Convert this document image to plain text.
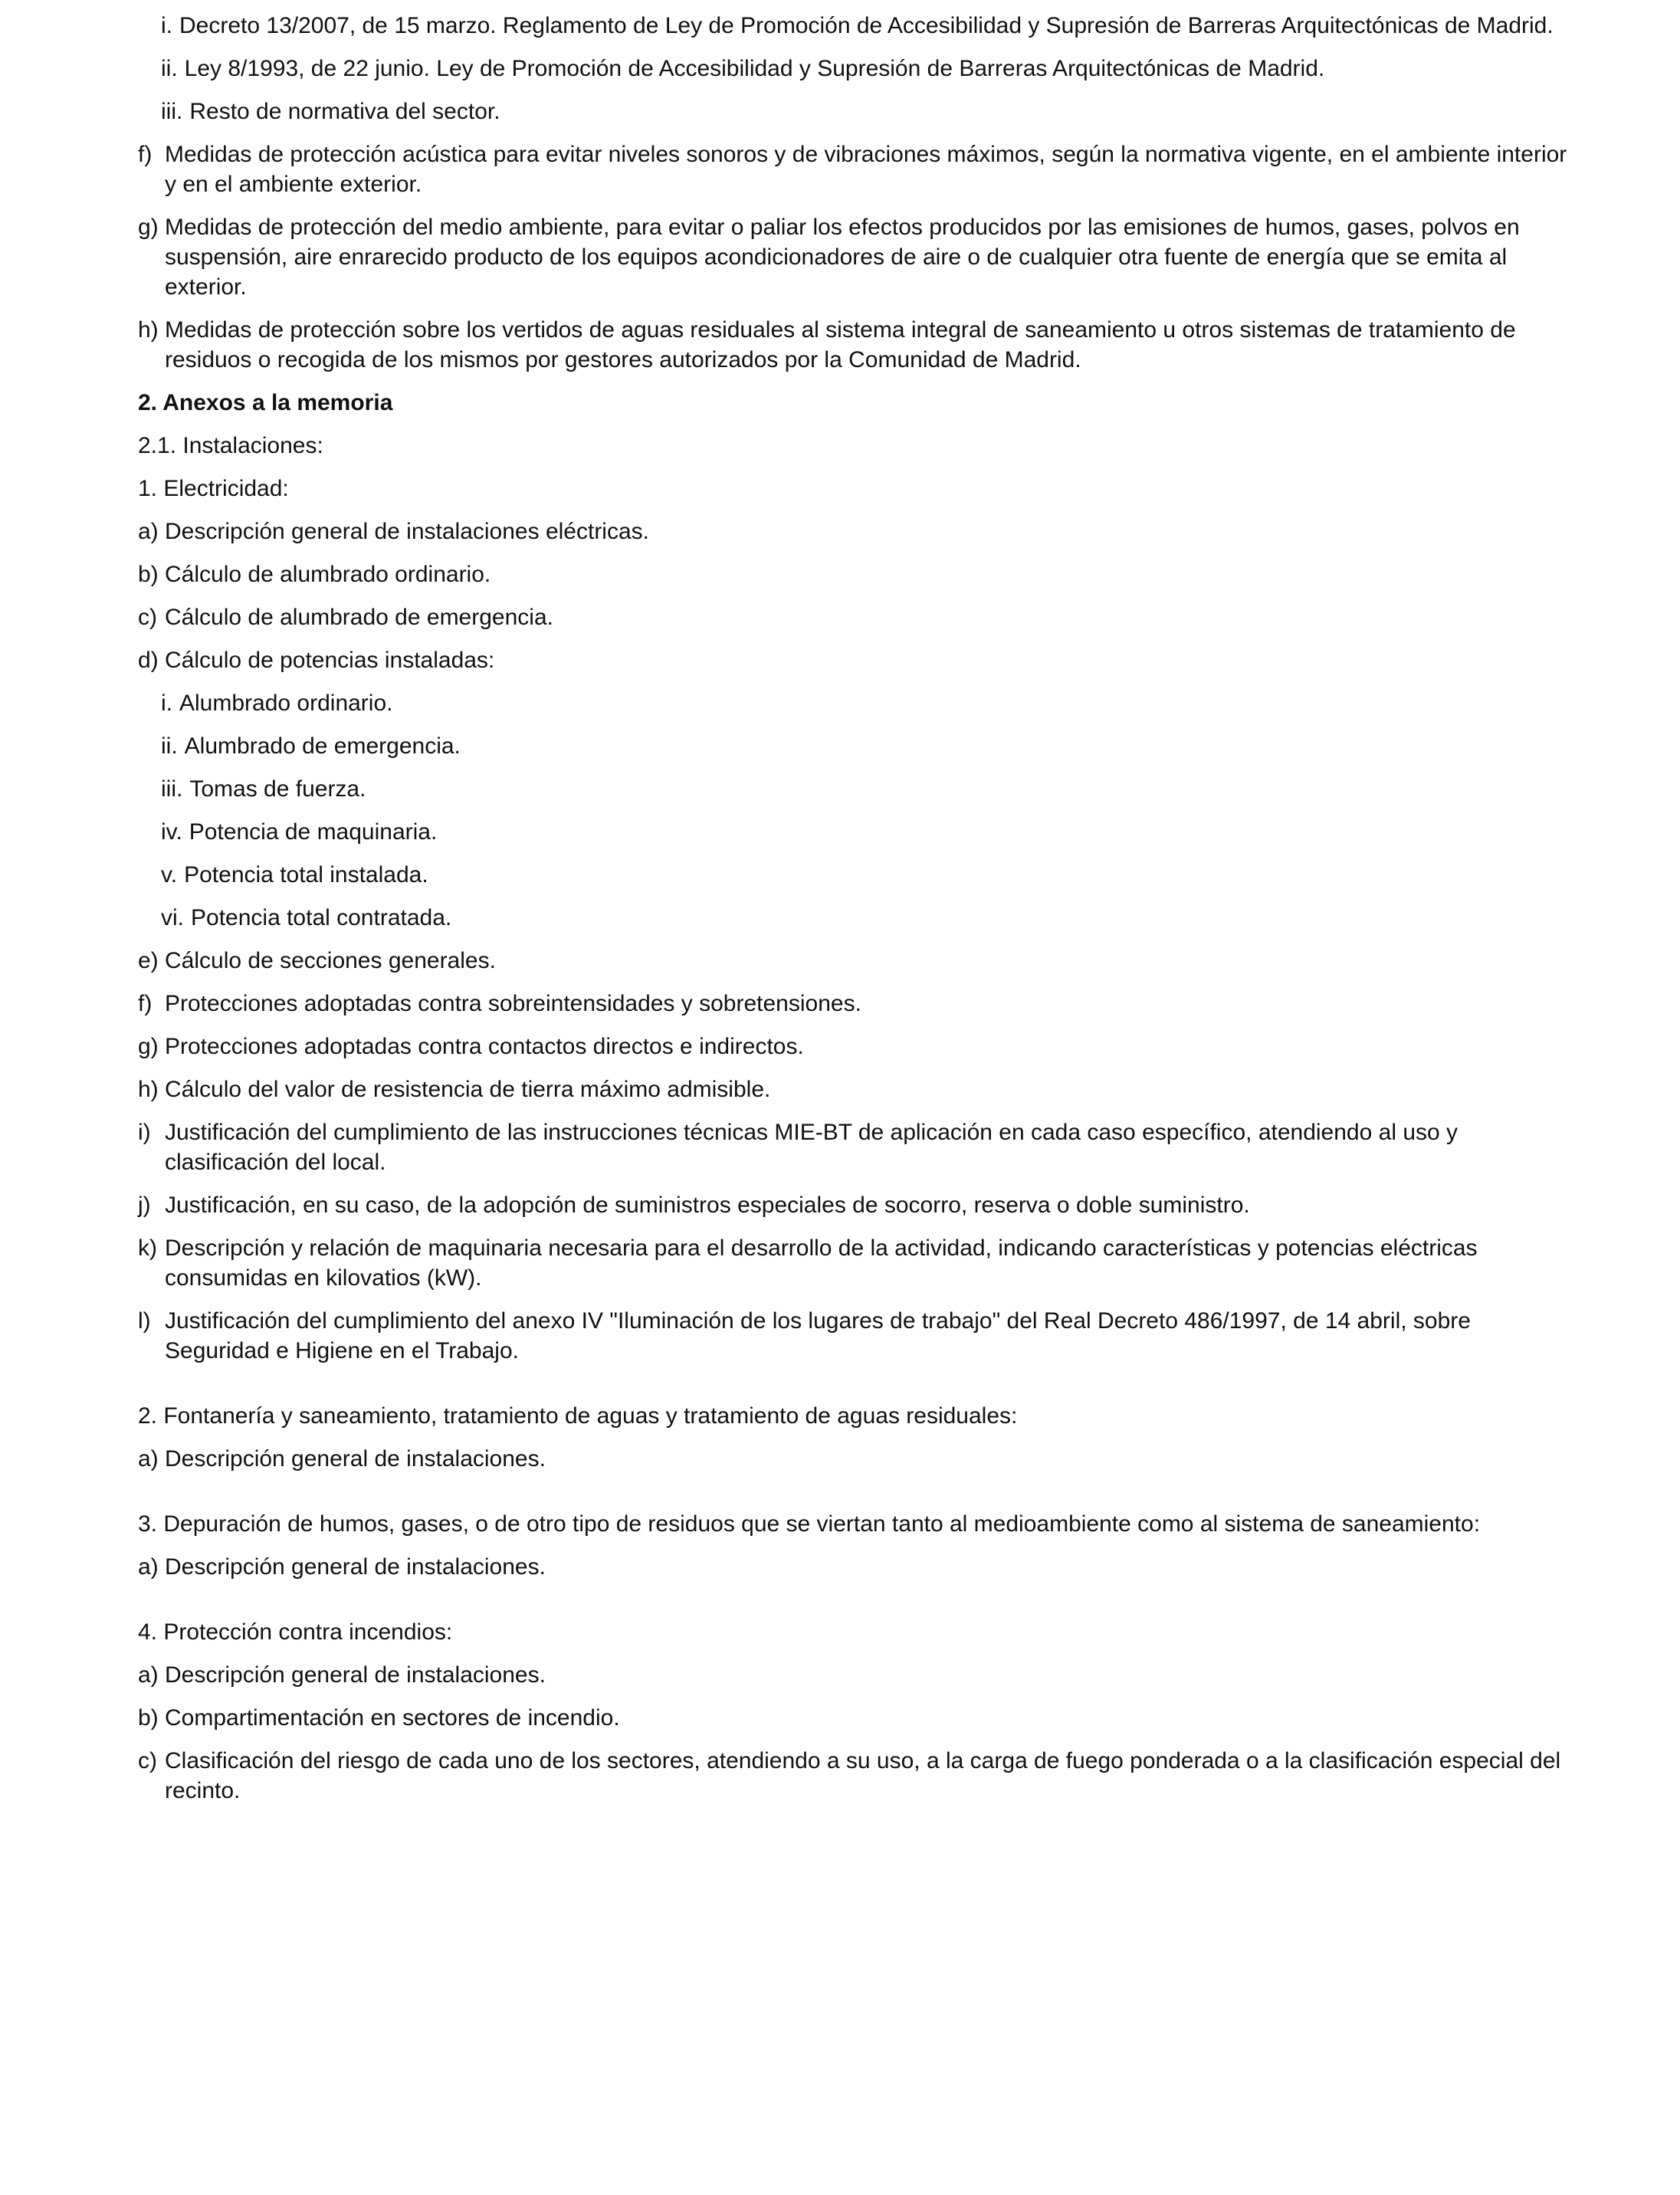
i. Decreto 13/2007, de 15 marzo. Reglamento de Ley de Promoción de Accesibilidad y Supresión de Barreras Arquitectónicas de Madrid.
ii. Ley 8/1993, de 22 junio. Ley de Promoción de Accesibilidad y Supresión de Barreras Arquitectónicas de Madrid.
iii. Resto de normativa del sector.
f) Medidas de protección acústica para evitar niveles sonoros y de vibraciones máximos, según la normativa vigente, en el ambiente interior y en el ambiente exterior.
g) Medidas de protección del medio ambiente, para evitar o paliar los efectos producidos por las emisiones de humos, gases, polvos en suspensión, aire enrarecido producto de los equipos acondicionadores de aire o de cualquier otra fuente de energía que se emita al exterior.
h) Medidas de protección sobre los vertidos de aguas residuales al sistema integral de saneamiento u otros sistemas de tratamiento de residuos o recogida de los mismos por gestores autorizados por la Comunidad de Madrid.
2. Anexos a la memoria
2.1. Instalaciones:
1. Electricidad:
a) Descripción general de instalaciones eléctricas.
b) Cálculo de alumbrado ordinario.
c) Cálculo de alumbrado de emergencia.
d) Cálculo de potencias instaladas:
i. Alumbrado ordinario.
ii. Alumbrado de emergencia.
iii. Tomas de fuerza.
iv. Potencia de maquinaria.
v. Potencia total instalada.
vi. Potencia total contratada.
e) Cálculo de secciones generales.
f) Protecciones adoptadas contra sobreintensidades y sobretensiones.
g) Protecciones adoptadas contra contactos directos e indirectos.
h) Cálculo del valor de resistencia de tierra máximo admisible.
i) Justificación del cumplimiento de las instrucciones técnicas MIE-BT de aplicación en cada caso específico, atendiendo al uso y clasificación del local.
j) Justificación, en su caso, de la adopción de suministros especiales de socorro, reserva o doble suministro.
k) Descripción y relación de maquinaria necesaria para el desarrollo de la actividad, indicando características y potencias eléctricas consumidas en kilovatios (kW).
l) Justificación del cumplimiento del anexo IV "Iluminación de los lugares de trabajo" del Real Decreto 486/1997, de 14 abril, sobre Seguridad e Higiene en el Trabajo.
2. Fontanería y saneamiento, tratamiento de aguas y tratamiento de aguas residuales:
a) Descripción general de instalaciones.
3. Depuración de humos, gases, o de otro tipo de residuos que se viertan tanto al medioambiente como al sistema de saneamiento:
a) Descripción general de instalaciones.
4. Protección contra incendios:
a) Descripción general de instalaciones.
b) Compartimentación en sectores de incendio.
c) Clasificación del riesgo de cada uno de los sectores, atendiendo a su uso, a la carga de fuego ponderada o a la clasificación especial del recinto.
